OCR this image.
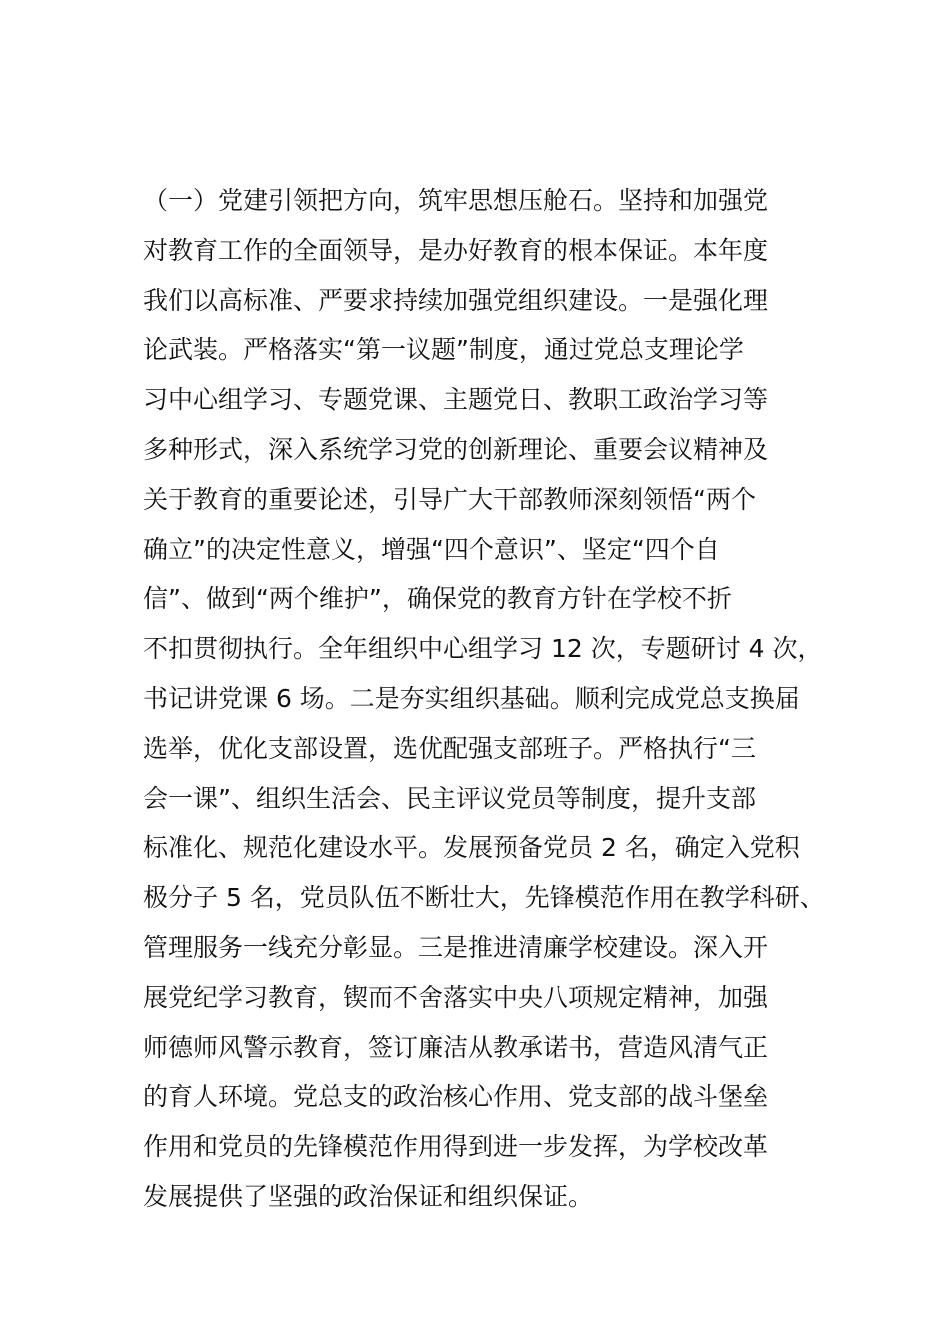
（一）党建引领把方向，筑牢思想压舱石。坚持和加强党
对教育工作的全面领导，是办好教育的根本保证。本年度
我们以高标准、严要求持续加强党组织建设。一是强化理
论武装。严格落实“第一议题”制度，通过党总支理论学
习中心组学习、专题党课、主题党日、教职工政治学习等
多种形式，深入系统学习党的创新理论、重要会议精神及
关于教育的重要论述，引导广大干部教师深刻领悟“两个
确立”的决定性意义，增强“四个意识”、坚定“四个自
信”、做到“两个维护”，确保党的教育方针在学校不折
不扣贯彻执行。全年组织中心组学习 12 次，专题研讨 4 次，
书记讲党课 6 场。二是夯实组织基础。顺利完成党总支换届
选举，优化支部设置，选优配强支部班子。严格执行“三
会一课”、组织生活会、民主评议党员等制度，提升支部
标准化、规范化建设水平。发展预备党员 2 名，确定入党积
极分子 5 名，党员队伍不断壮大，先锋模范作用在教学科研、
管理服务一线充分彰显。三是推进清廉学校建设。深入开
展党纪学习教育，锲而不舍落实中央八项规定精神，加强
师德师风警示教育，签订廉洁从教承诺书，营造风清气正
的育人环境。党总支的政治核心作用、党支部的战斗堡垒
作用和党员的先锋模范作用得到进一步发挥，为学校改革
发展提供了坚强的政治保证和组织保证。
